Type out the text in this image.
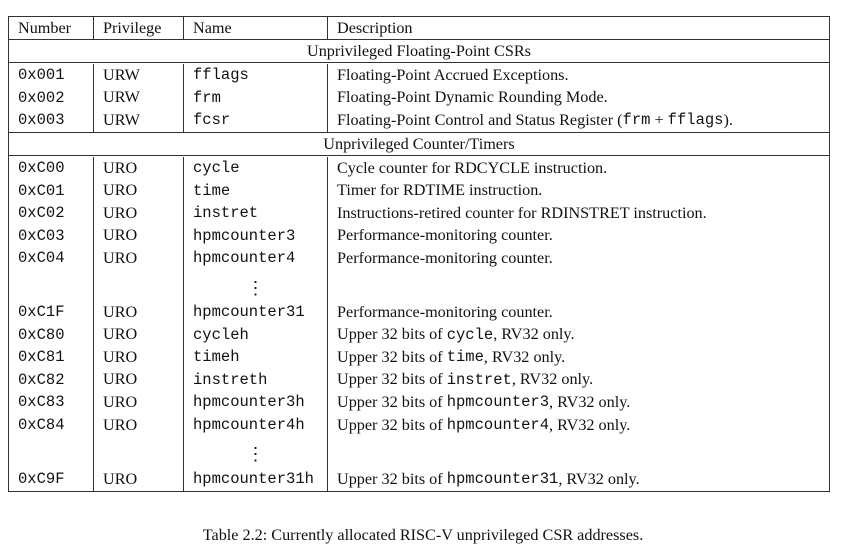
Number	Privilege	Name	Description
Unprivileged Floating-Point CSRs
0x001	URW	fflags	Floating-Point Accrued Exceptions.
0x002	URW	frm	Floating-Point Dynamic Rounding Mode.
0x003	URW	fcsr	Floating-Point Control and Status Register ( frm + fflags ).
Unprivileged Counter/Timers
0xC00	URO	cycle	Cycle counter for RDCYCLE instruction.
0xC01	URO	time	Timer for RDTIME instruction.
0xC02	URO	instret	Instructions-retired counter for RDINSTRET instruction.
0xC03	URO	hpmcounter3	Performance-monitoring counter.
0xC04	URO	hpmcounter4	Performance-monitoring counter.
⋮
0xC1F	URO	hpmcounter31	Performance-monitoring counter.
0xC80	URO	cycleh	Upper 32 bits of cycle , RV32 only.
0xC81	URO	timeh	Upper 32 bits of time , RV32 only.
0xC82	URO	instreth	Upper 32 bits of instret , RV32 only.
0xC83	URO	hpmcounter3h	Upper 32 bits of hpmcounter3 , RV32 only.
0xC84	URO	hpmcounter4h	Upper 32 bits of hpmcounter4 , RV32 only.
⋮
0xC9F	URO	hpmcounter31h	Upper 32 bits of hpmcounter31 , RV32 only.
Table 2.2: Currently allocated RISC-V unprivileged CSR addresses.
